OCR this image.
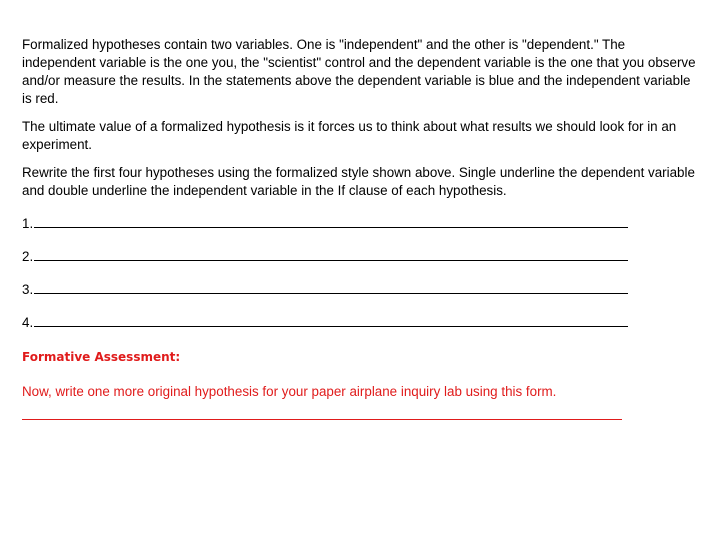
Formalized hypotheses contain two variables. One is "independent" and the other is "dependent." The independent variable is the one you, the "scientist" control and the dependent variable is the one that you observe and/or measure the results. In the statements above the dependent variable is blue and the independent variable is red.

The ultimate value of a formalized hypothesis is it forces us to think about what results we should look for in an experiment.

Rewrite the first four hypotheses using the formalized style shown above. Single underline the dependent variable and double underline the independent variable in the If clause of each hypothesis.

1.
2.
3.
4.
Formative Assessment:

Now, write one more original hypothesis for your paper airplane inquiry lab using this form.
